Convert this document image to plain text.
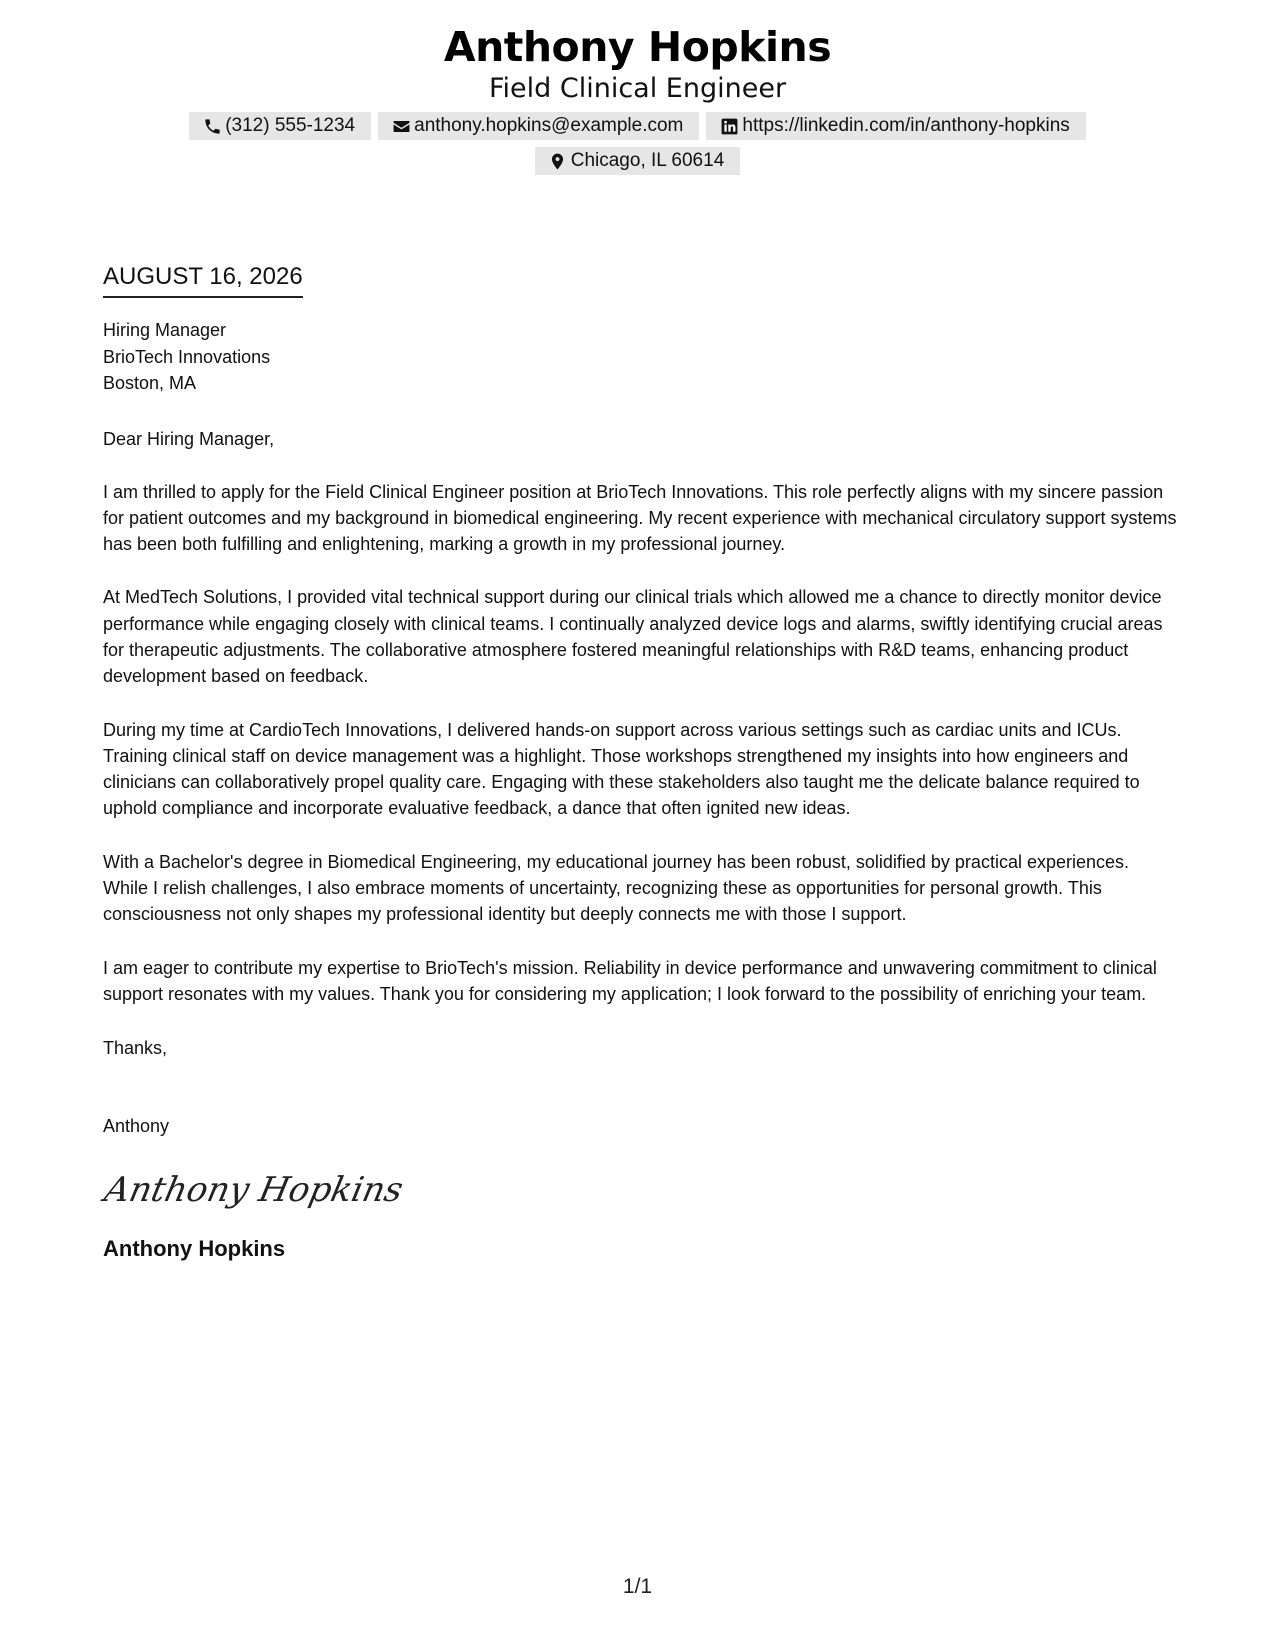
Anthony Hopkins
Field Clinical Engineer
(312) 555-1234	anthony.hopkins@example.com	https://linkedin.com/in/anthony-hopkins
Chicago, IL 60614
AUGUST 16, 2026
Hiring Manager
BrioTech Innovations
Boston, MA
Dear Hiring Manager,
I am thrilled to apply for the Field Clinical Engineer position at BrioTech Innovations. This role perfectly aligns with my sincere passion for patient outcomes and my background in biomedical engineering. My recent experience with mechanical circulatory support systems has been both fulfilling and enlightening, marking a growth in my professional journey.
At MedTech Solutions, I provided vital technical support during our clinical trials which allowed me a chance to directly monitor device performance while engaging closely with clinical teams. I continually analyzed device logs and alarms, swiftly identifying crucial areas for therapeutic adjustments. The collaborative atmosphere fostered meaningful relationships with R&D teams, enhancing product development based on feedback.
During my time at CardioTech Innovations, I delivered hands-on support across various settings such as cardiac units and ICUs. Training clinical staff on device management was a highlight. Those workshops strengthened my insights into how engineers and clinicians can collaboratively propel quality care. Engaging with these stakeholders also taught me the delicate balance required to uphold compliance and incorporate evaluative feedback, a dance that often ignited new ideas.
With a Bachelor's degree in Biomedical Engineering, my educational journey has been robust, solidified by practical experiences. While I relish challenges, I also embrace moments of uncertainty, recognizing these as opportunities for personal growth. This consciousness not only shapes my professional identity but deeply connects me with those I support.
I am eager to contribute my expertise to BrioTech's mission. Reliability in device performance and unwavering commitment to clinical support resonates with my values. Thank you for considering my application; I look forward to the possibility of enriching your team.
Thanks,
Anthony
Anthony Hopkins
Anthony Hopkins
1/1
